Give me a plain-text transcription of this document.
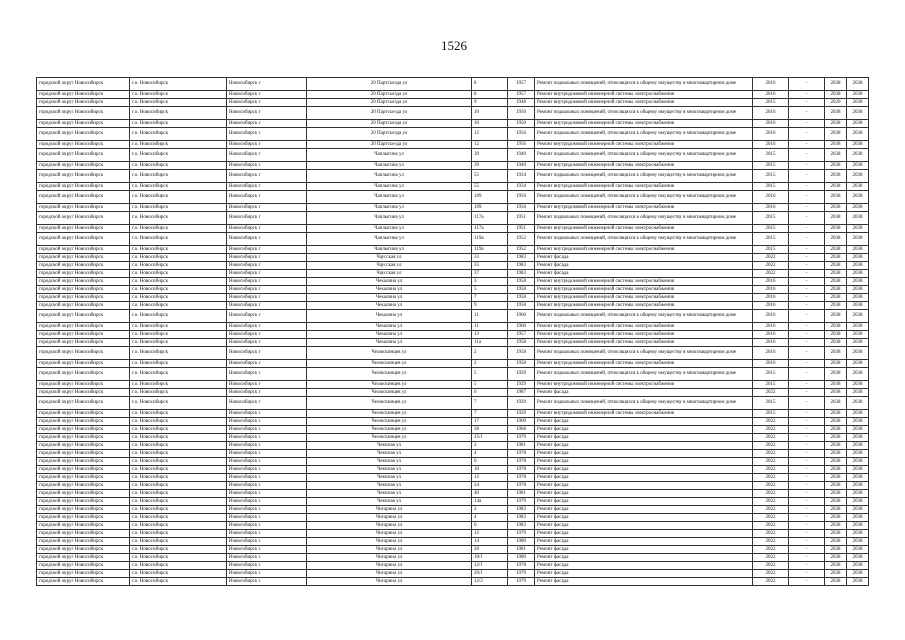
1526
городской округ Новосибирск	г.о. Новосибирск	Новосибирск г	20 Партсъезда ул	8	1957	Ремонт подвальных помещений, относящихся к общему имуществу в многоквартирном доме	2016	-	2038	2038
городской округ Новосибирск	г.о. Новосибирск	Новосибирск г	20 Партсъезда ул	8	1957	Ремонт внутридомовой инженерной системы электроснабжения	2016	-	2038	2038
городской округ Новосибирск	г.о. Новосибирск	Новосибирск г	20 Партсъезда ул	9	1948	Ремонт внутридомовой инженерной системы электроснабжения	2015	-	2020	2038
городской округ Новосибирск	г.о. Новосибирск	Новосибирск г	20 Партсъезда ул	10	1950	Ремонт подвальных помещений, относящихся к общему имуществу в многоквартирном доме	2016	-	2038	2038
городской округ Новосибирск	г.о. Новосибирск	Новосибирск г	20 Партсъезда ул	10	1950	Ремонт внутридомовой инженерной системы электроснабжения	2016	-	2038	2038
городской округ Новосибирск	г.о. Новосибирск	Новосибирск г	20 Партсъезда ул	12	1956	Ремонт подвальных помещений, относящихся к общему имуществу в многоквартирном доме	2016	-	2038	2038
городской округ Новосибирск	г.о. Новосибирск	Новосибирск г	20 Партсъезда ул	12	1956	Ремонт внутридомовой инженерной системы электроснабжения	2016	-	2038	2038
городской округ Новосибирск	г.о. Новосибирск	Новосибирск г	Чаплыгина ул	39	1940	Ремонт подвальных помещений, относящихся к общему имуществу в многоквартирном доме	2015	-	2038	2038
городской округ Новосибирск	г.о. Новосибирск	Новосибирск г	Чаплыгина ул	39	1940	Ремонт внутридомовой инженерной системы электроснабжения	2015	-	2038	2038
городской округ Новосибирск	г.о. Новосибирск	Новосибирск г	Чаплыгина ул	55	1934	Ремонт подвальных помещений, относящихся к общему имуществу в многоквартирном доме	2015	-	2038	2038
городской округ Новосибирск	г.о. Новосибирск	Новосибирск г	Чаплыгина ул	55	1934	Ремонт внутридомовой инженерной системы электроснабжения	2015	-	2038	2038
городской округ Новосибирск	г.о. Новосибирск	Новосибирск г	Чаплыгина ул	109	1956	Ремонт подвальных помещений, относящихся к общему имуществу в многоквартирном доме	2016	-	2038	2038
городской округ Новосибирск	г.о. Новосибирск	Новосибирск г	Чаплыгина ул	109	1956	Ремонт внутридомовой инженерной системы электроснабжения	2016	-	2038	2038
городской округ Новосибирск	г.о. Новосибирск	Новосибирск г	Чаплыгина ул	117а	1951	Ремонт подвальных помещений, относящихся к общему имуществу в многоквартирном доме	2015	-	2038	2038
городской округ Новосибирск	г.о. Новосибирск	Новосибирск г	Чаплыгина ул	117а	1951	Ремонт внутридомовой инженерной системы электроснабжения	2015	-	2038	2038
городской округ Новосибирск	г.о. Новосибирск	Новосибирск г	Чаплыгина ул	119а	1952	Ремонт подвальных помещений, относящихся к общему имуществу в многоквартирном доме	2015	-	2038	2038
городской округ Новосибирск	г.о. Новосибирск	Новосибирск г	Чаплыгина ул	119а	1952	Ремонт внутридомовой инженерной системы электроснабжения	2015	-	2038	2038
городской округ Новосибирск	г.о. Новосибирск	Новосибирск г	Чаусская ул	33	1983	Ремонт фасада	2022	-	2038	2038
городской округ Новосибирск	г.о. Новосибирск	Новосибирск г	Чаусская ул	35	1983	Ремонт фасада	2022	-	2038	2038
городской округ Новосибирск	г.о. Новосибирск	Новосибирск г	Чаусская ул	37	1983	Ремонт фасада	2022	-	2038	2038
городской округ Новосибирск	г.о. Новосибирск	Новосибирск г	Чекалина ул	3	1958	Ремонт внутридомовой инженерной системы электроснабжения	2016	-	2038	2038
городской округ Новосибирск	г.о. Новосибирск	Новосибирск г	Чекалина ул	5	1958	Ремонт внутридомовой инженерной системы электроснабжения	2016	-	2038	2038
городской округ Новосибирск	г.о. Новосибирск	Новосибирск г	Чекалина ул	7	1958	Ремонт внутридомовой инженерной системы электроснабжения	2016	-	2038	2038
городской округ Новосибирск	г.о. Новосибирск	Новосибирск г	Чекалина ул	9	1958	Ремонт внутридомовой инженерной системы электроснабжения	2016	-	2038	2038
городской округ Новосибирск	г.о. Новосибирск	Новосибирск г	Чекалина ул	11	1960	Ремонт подвальных помещений, относящихся к общему имуществу в многоквартирном доме	2016	-	2038	2038
городской округ Новосибирск	г.о. Новосибирск	Новосибирск г	Чекалина ул	11	1960	Ремонт внутридомовой инженерной системы электроснабжения	2016	-	2038	2038
городской округ Новосибирск	г.о. Новосибирск	Новосибирск г	Чекалина ул	13	1957	Ремонт внутридомовой инженерной системы электроснабжения	2016	-	2038	2038
городской округ Новосибирск	г.о. Новосибирск	Новосибирск г	Чекалина ул	11а	1958	Ремонт внутридомовой инженерной системы электроснабжения	2016	-	2038	2038
городской округ Новосибирск	г.о. Новосибирск	Новосибирск г	Челюскинцев ул	2	1958	Ремонт подвальных помещений, относящихся к общему имуществу в многоквартирном доме	2016	-	2038	2038
городской округ Новосибирск	г.о. Новосибирск	Новосибирск г	Челюскинцев ул	2	1958	Ремонт внутридомовой инженерной системы электроснабжения	2016	-	2038	2038
городской округ Новосибирск	г.о. Новосибирск	Новосибирск г	Челюскинцев ул	5	1929	Ремонт подвальных помещений, относящихся к общему имуществу в многоквартирном доме	2015	-	2038	2038
городской округ Новосибирск	г.о. Новосибирск	Новосибирск г	Челюскинцев ул	5	1929	Ремонт внутридомовой инженерной системы электроснабжения	2015	-	2038	2038
городской округ Новосибирск	г.о. Новосибирск	Новосибирск г	Челюскинцев ул	6	1987	Ремонт фасада	2022	-	2038	2038
городской округ Новосибирск	г.о. Новосибирск	Новосибирск г	Челюскинцев ул	7	1929	Ремонт подвальных помещений, относящихся к общему имуществу в многоквартирном доме	2015	-	2038	2038
городской округ Новосибирск	г.о. Новосибирск	Новосибирск г	Челюскинцев ул	7	1929	Ремонт внутридомовой инженерной системы электроснабжения	2015	-	2038	2038
городской округ Новосибирск	г.о. Новосибирск	Новосибирск г	Челюскинцев ул	17	1960	Ремонт фасада	2022	-	2038	2038
городской округ Новосибирск	г.о. Новосибирск	Новосибирск г	Челюскинцев ул	38	1968	Ремонт фасада	2022	-	2038	2038
городской округ Новосибирск	г.о. Новосибирск	Новосибирск г	Челюскинцев ул	15/1	1979	Ремонт фасада	2022	-	2038	2038
городской округ Новосибирск	г.о. Новосибирск	Новосибирск г	Чемская ул	2	1981	Ремонт фасада	2022	-	2038	2038
городской округ Новосибирск	г.о. Новосибирск	Новосибирск г	Чемская ул	4	1978	Ремонт фасада	2022	-	2038	2038
городской округ Новосибирск	г.о. Новосибирск	Новосибирск г	Чемская ул	6	1978	Ремонт фасада	2022	-	2038	2038
городской округ Новосибирск	г.о. Новосибирск	Новосибирск г	Чемская ул	10	1978	Ремонт фасада	2022	-	2038	2038
городской округ Новосибирск	г.о. Новосибирск	Новосибирск г	Чемская ул	12	1978	Ремонт фасада	2022	-	2038	2038
городской округ Новосибирск	г.о. Новосибирск	Новосибирск г	Чемская ул	24	1978	Ремонт фасада	2022	-	2038	2038
городской округ Новосибирск	г.о. Новосибирск	Новосибирск г	Чемская ул	40	1981	Ремонт фасада	2022	-	2038	2038
городской округ Новосибирск	г.о. Новосибирск	Новосибирск г	Чемская ул	14а	1979	Ремонт фасада	2022	-	2038	2038
городской округ Новосибирск	г.о. Новосибирск	Новосибирск г	Чигорина ул	2	1983	Ремонт фасада	2022	-	2038	2038
городской округ Новосибирск	г.о. Новосибирск	Новосибирск г	Чигорина ул	4	1983	Ремонт фасада	2022	-	2038	2038
городской округ Новосибирск	г.о. Новосибирск	Новосибирск г	Чигорина ул	6	1983	Ремонт фасада	2022	-	2038	2038
городской округ Новосибирск	г.о. Новосибирск	Новосибирск г	Чигорина ул	12	1979	Ремонт фасада	2022	-	2038	2038
городской округ Новосибирск	г.о. Новосибирск	Новосибирск г	Чигорина ул	14	1980	Ремонт фасада	2022	-	2038	2038
городской округ Новосибирск	г.о. Новосибирск	Новосибирск г	Чигорина ул	20	1981	Ремонт фасада	2022	-	2038	2038
городской округ Новосибирск	г.о. Новосибирск	Новосибирск г	Чигорина ул	10/1	1980	Ремонт фасада	2022	-	2038	2038
городской округ Новосибирск	г.о. Новосибирск	Новосибирск г	Чигорина ул	12/1	1978	Ремонт фасада	2022	-	2038	2038
городской округ Новосибирск	г.о. Новосибирск	Новосибирск г	Чигорина ул	20/1	1979	Ремонт фасада	2022	-	2038	2038
городской округ Новосибирск	г.о. Новосибирск	Новосибирск г	Чигорина ул	12/2	1979	Ремонт фасада	2022	-	2038	2038
